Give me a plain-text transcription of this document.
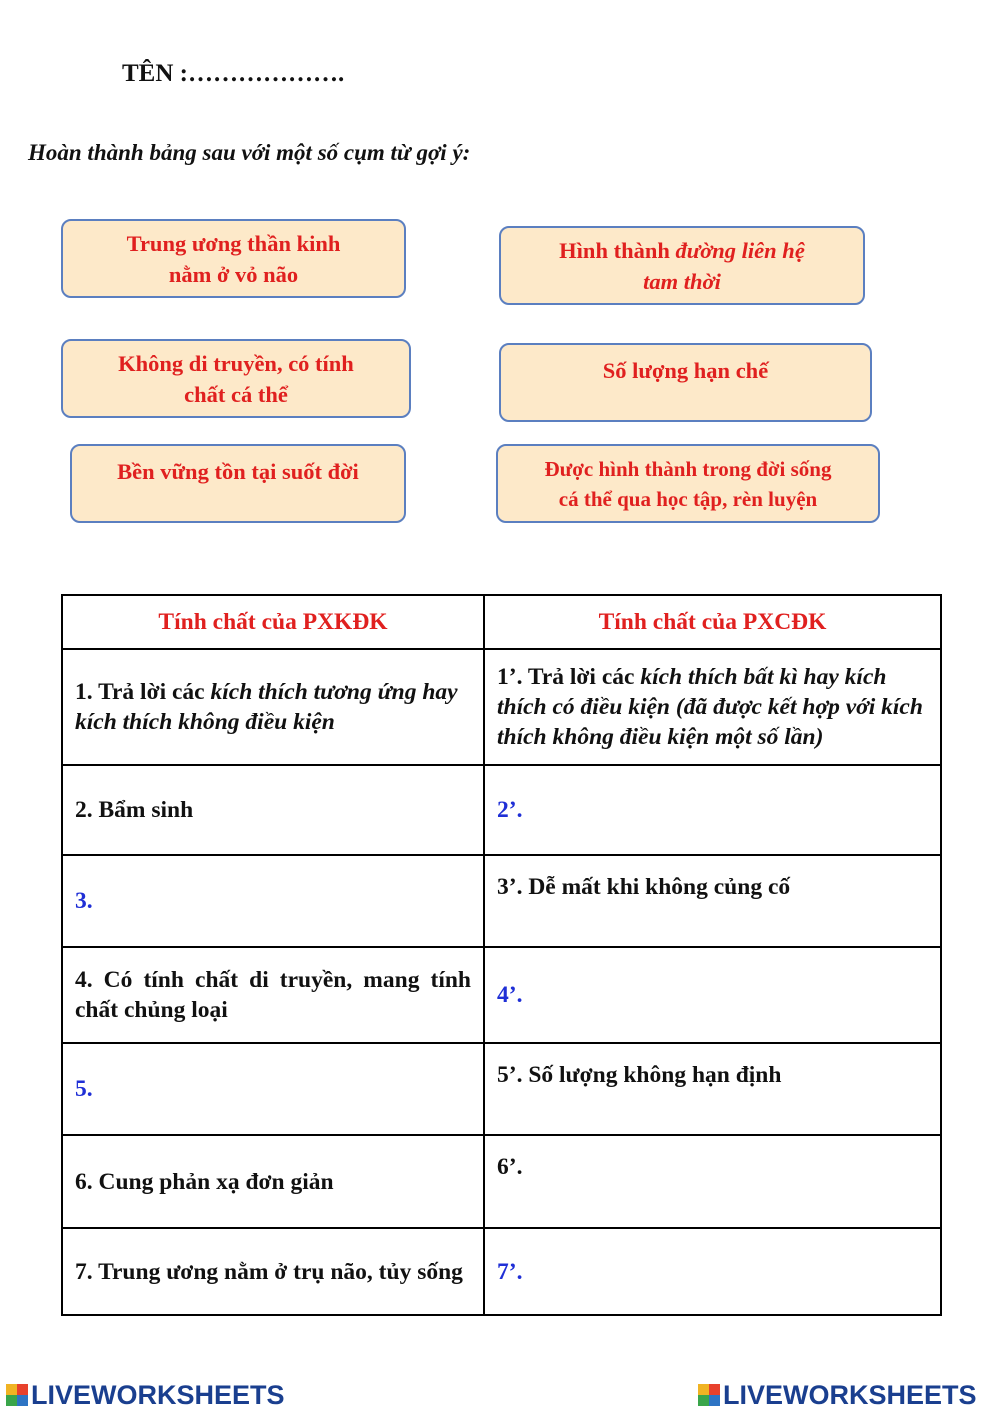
TÊN :……………….
Hoàn thành bảng sau với một số cụm từ gợi ý:
Trung ương thần kinh
nằm ở vỏ não
Hình thành đường liên hệ
tam thời
Không di truyền, có tính
chất cá thể
Số lượng hạn chế
Bền vững tồn tại suốt đời	Được hình thành trong đời sống
cá thể qua học tập, rèn luyện
Tính chất của PXKĐK	Tính chất của PXCĐK
1. Trả lời các kích thích tương ứng hay kích thích không điều kiện	1’. Trả lời các kích thích bất kì hay kích thích có điều kiện (đã được kết hợp với kích thích không điều kiện một số lần)
2. Bẩm sinh	2’.
3.	3’. Dễ mất khi không củng cố
4. Có tính chất di truyền, mang tính chất chủng loại	4’.
5.	5’. Số lượng không hạn định
6. Cung phản xạ đơn giản	6’.
7. Trung ương nằm ở trụ não, tủy sống	7’.
LIVEWORKSHEETS	LIVEWORKSHEETS
